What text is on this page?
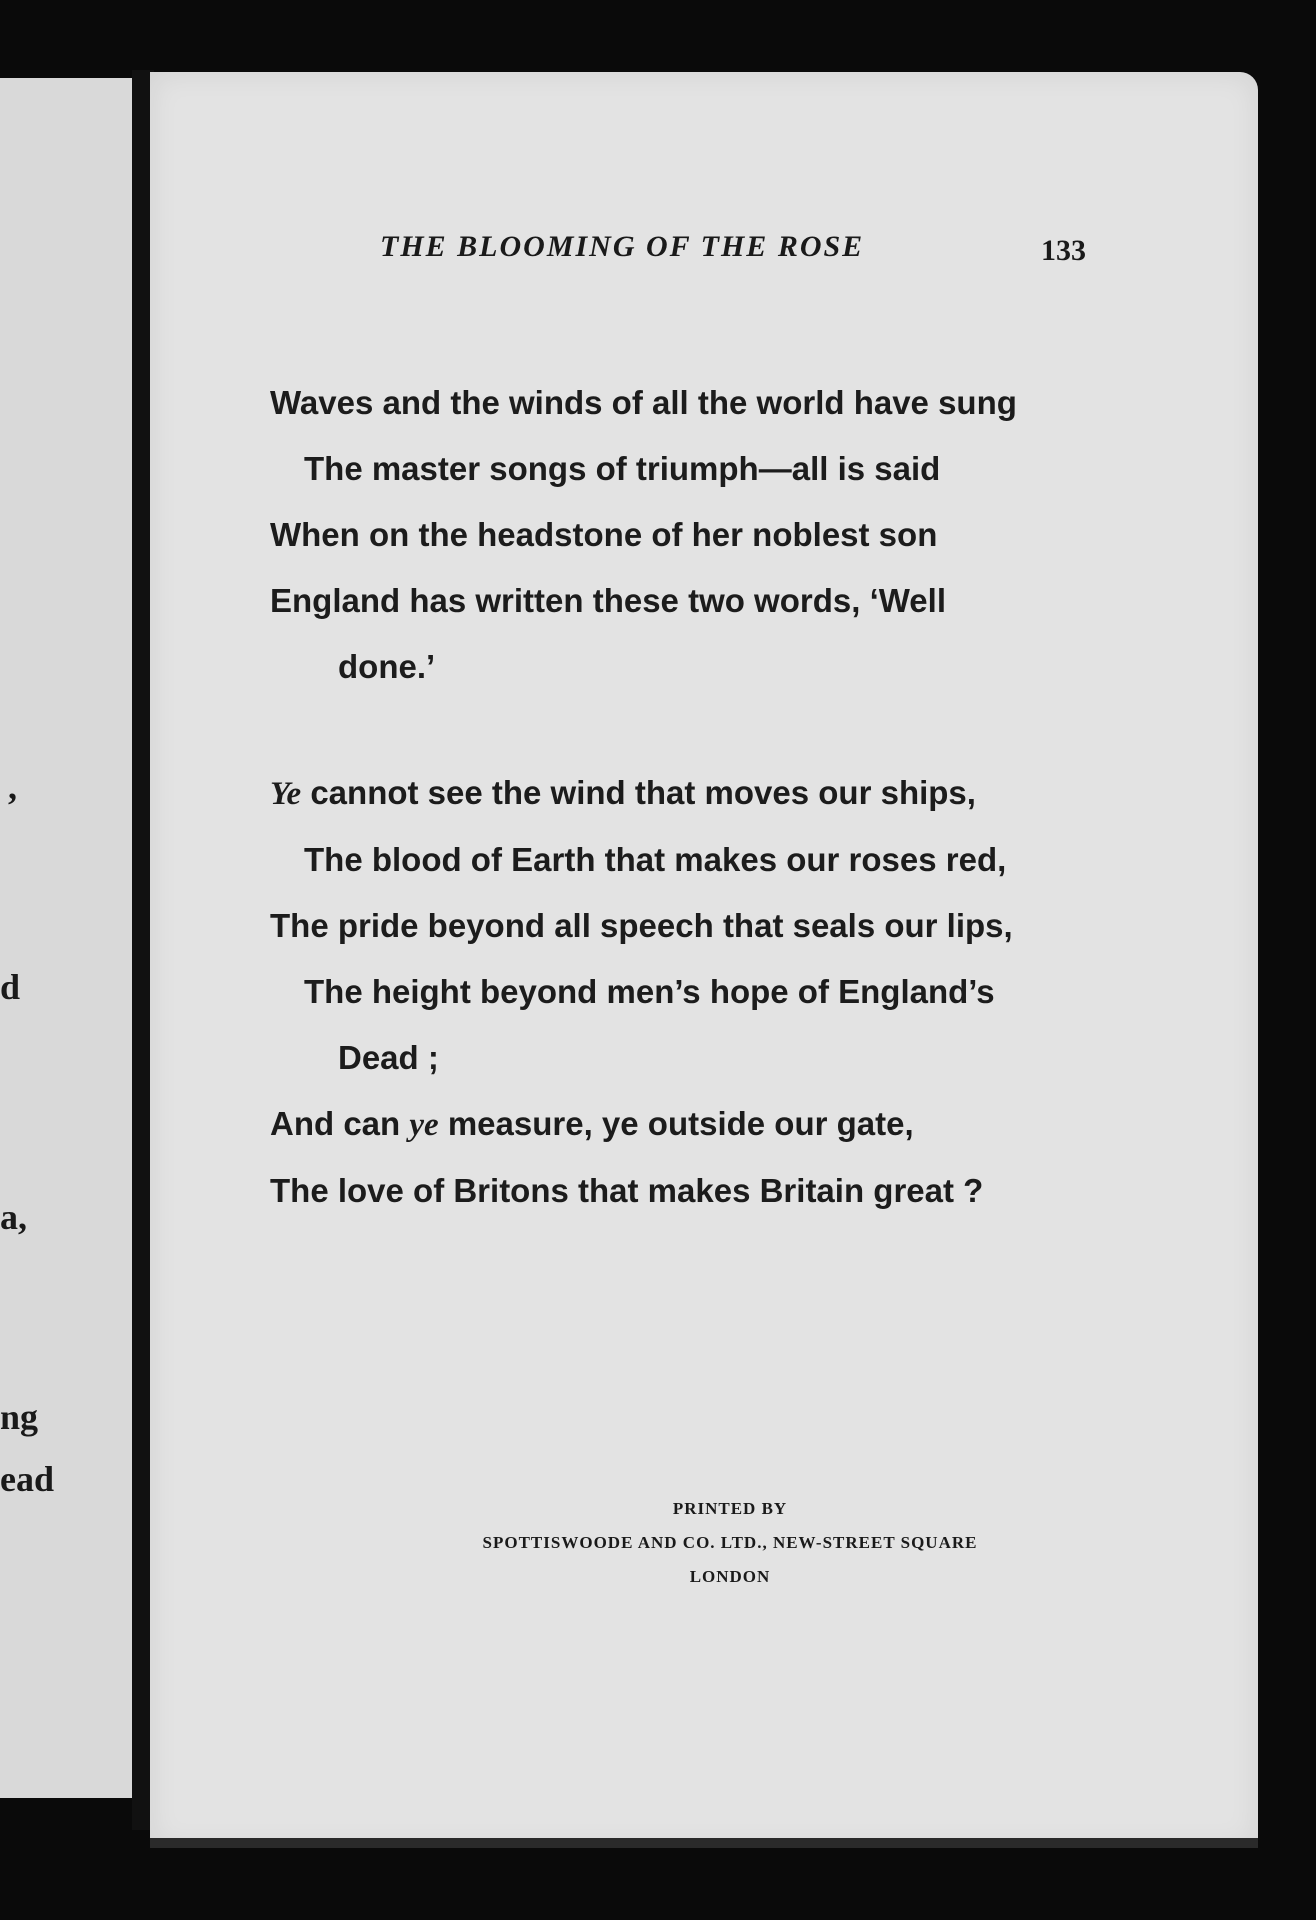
,
d
a,
ng
ead
THE BLOOMING OF THE ROSE	133
Waves and the winds of all the world have sung
The master songs of triumph—all is said
When on the headstone of her noblest son
England has written these two words, ‘Well
done.’
Ye cannot see the wind that moves our ships,
The blood of Earth that makes our roses red,
The pride beyond all speech that seals our lips,
The height beyond men’s hope of England’s
Dead ;
And can ye measure, ye outside our gate,
The love of Britons that makes Britain great ?
PRINTED BY
SPOTTISWOODE AND CO. LTD., NEW-STREET SQUARE
LONDON
